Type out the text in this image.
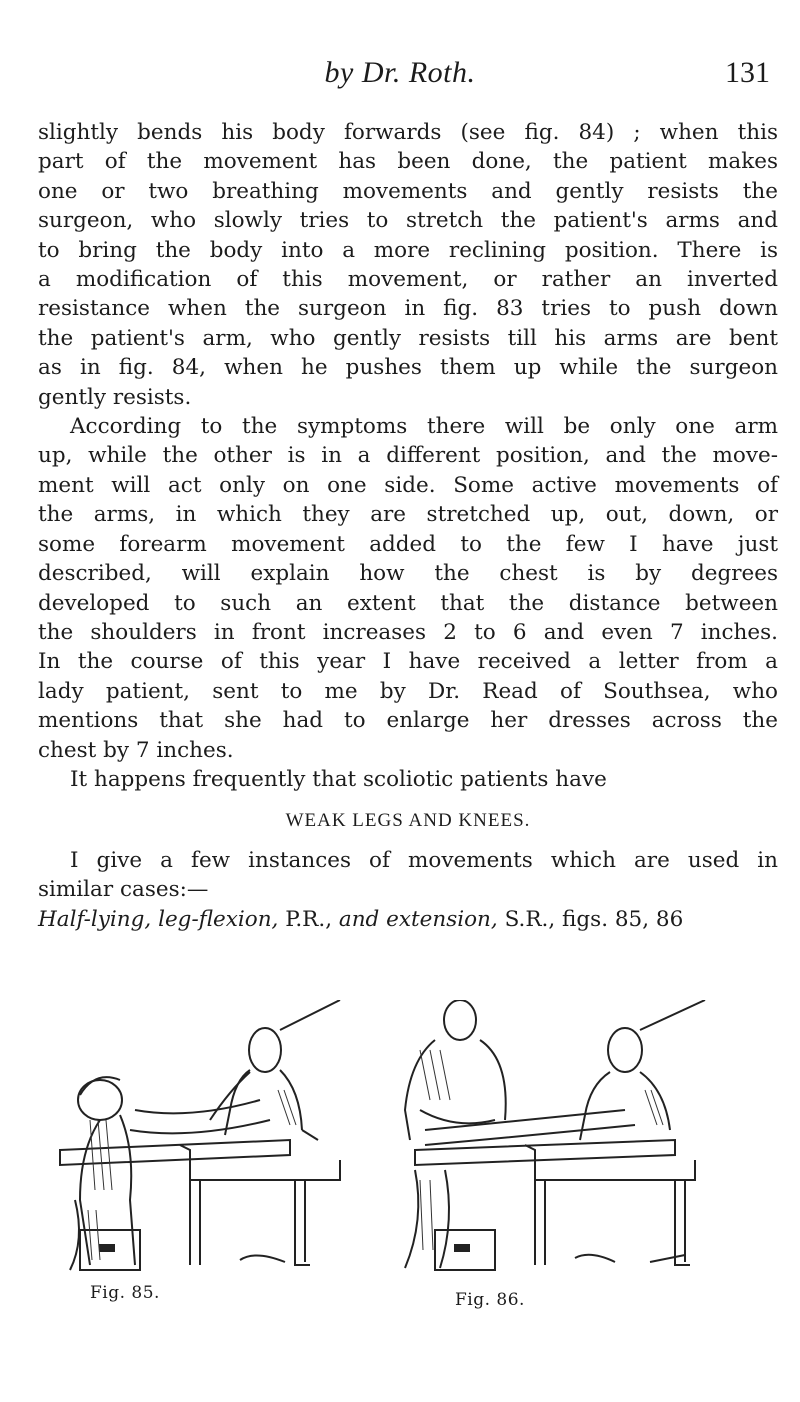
by Dr. Roth.	131

slightly bends his body forwards (see fig. 84) ; when this
part of the movement has been done, the patient makes
one or two breathing movements and gently resists the
surgeon, who slowly tries to stretch the patient's arms and
to bring the body into a more reclining position. There is
a modification of this movement, or rather an inverted
resistance when the surgeon in fig. 83 tries to push down
the patient's arm, who gently resists till his arms are bent
as in fig. 84, when he pushes them up while the surgeon
gently resists.

According to the symptoms there will be only one arm
up, while the other is in a different position, and the move-
ment will act only on one side. Some active movements of
the arms, in which they are stretched up, out, down, or
some forearm movement added to the few I have just
described, will explain how the chest is by degrees
developed to such an extent that the distance between
the shoulders in front increases 2 to 6 and even 7 inches.
In the course of this year I have received a letter from a
lady patient, sent to me by Dr. Read of Southsea, who
mentions that she had to enlarge her dresses across the
chest by 7 inches.

It happens frequently that scoliotic patients have

WEAK LEGS AND KNEES.

I give a few instances of movements which are used in
similar cases:—

Half-lying, leg-flexion, P.R., and extension, S.R., figs. 85, 86

Fig. 85.	Fig. 86.
